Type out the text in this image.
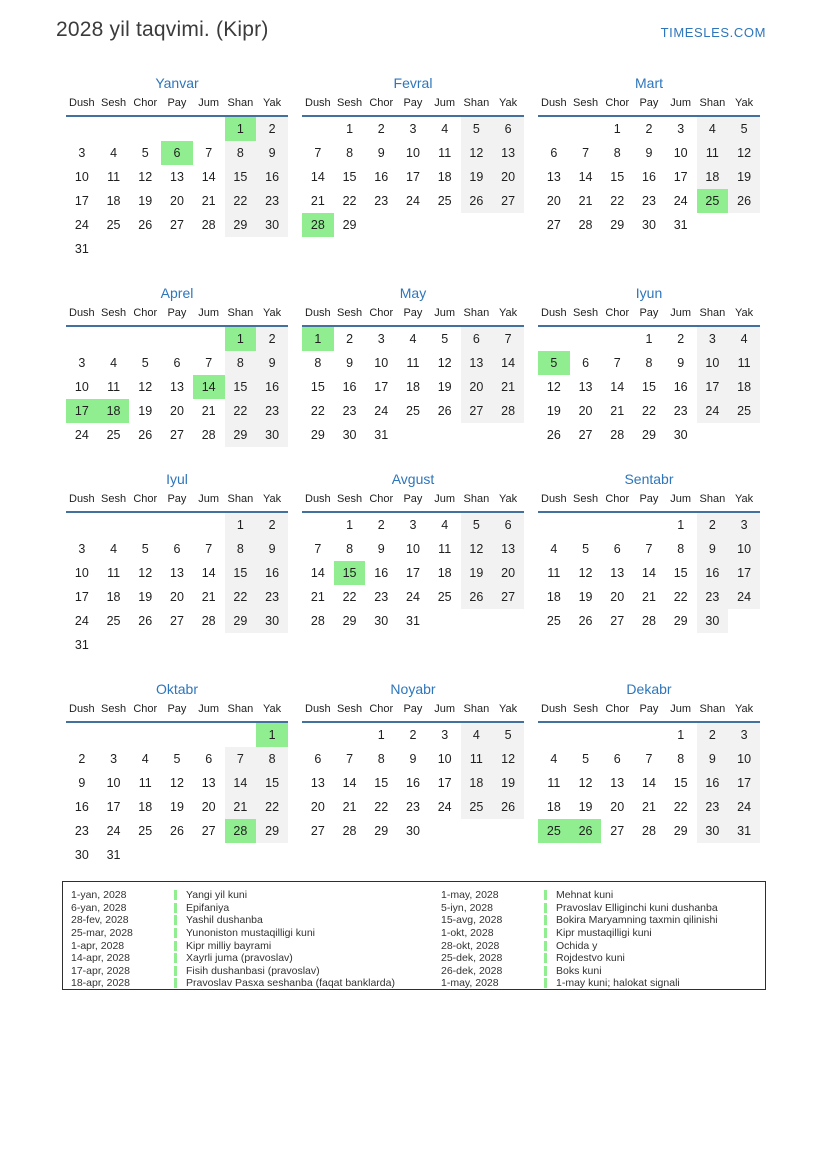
2028 yil taqvimi. (Kipr)	TIMESLES.COM
Yanvar
Dush	Sesh	Chor	Pay	Jum	Shan	Yak
					1	2
3	4	5	6	7	8	9
10	11	12	13	14	15	16
17	18	19	20	21	22	23
24	25	26	27	28	29	30
31						
Fevral
Dush	Sesh	Chor	Pay	Jum	Shan	Yak
	1	2	3	4	5	6
7	8	9	10	11	12	13
14	15	16	17	18	19	20
21	22	23	24	25	26	27
28	29					
Mart
Dush	Sesh	Chor	Pay	Jum	Shan	Yak
		1	2	3	4	5
6	7	8	9	10	11	12
13	14	15	16	17	18	19
20	21	22	23	24	25	26
27	28	29	30	31		
Aprel
Dush	Sesh	Chor	Pay	Jum	Shan	Yak
					1	2
3	4	5	6	7	8	9
10	11	12	13	14	15	16
17	18	19	20	21	22	23
24	25	26	27	28	29	30
May
Dush	Sesh	Chor	Pay	Jum	Shan	Yak
1	2	3	4	5	6	7
8	9	10	11	12	13	14
15	16	17	18	19	20	21
22	23	24	25	26	27	28
29	30	31				
Iyun
Dush	Sesh	Chor	Pay	Jum	Shan	Yak
			1	2	3	4
5	6	7	8	9	10	11
12	13	14	15	16	17	18
19	20	21	22	23	24	25
26	27	28	29	30		
Iyul
Dush	Sesh	Chor	Pay	Jum	Shan	Yak
					1	2
3	4	5	6	7	8	9
10	11	12	13	14	15	16
17	18	19	20	21	22	23
24	25	26	27	28	29	30
31						
Avgust
Dush	Sesh	Chor	Pay	Jum	Shan	Yak
	1	2	3	4	5	6
7	8	9	10	11	12	13
14	15	16	17	18	19	20
21	22	23	24	25	26	27
28	29	30	31			
Sentabr
Dush	Sesh	Chor	Pay	Jum	Shan	Yak
				1	2	3
4	5	6	7	8	9	10
11	12	13	14	15	16	17
18	19	20	21	22	23	24
25	26	27	28	29	30	
Oktabr
Dush	Sesh	Chor	Pay	Jum	Shan	Yak
						1
2	3	4	5	6	7	8
9	10	11	12	13	14	15
16	17	18	19	20	21	22
23	24	25	26	27	28	29
30	31					
Noyabr
Dush	Sesh	Chor	Pay	Jum	Shan	Yak
		1	2	3	4	5
6	7	8	9	10	11	12
13	14	15	16	17	18	19
20	21	22	23	24	25	26
27	28	29	30			
Dekabr
Dush	Sesh	Chor	Pay	Jum	Shan	Yak
				1	2	3
4	5	6	7	8	9	10
11	12	13	14	15	16	17
18	19	20	21	22	23	24
25	26	27	28	29	30	31
1-yan, 2028	Yangi yil kuni
6-yan, 2028	Epifaniya
28-fev, 2028	Yashil dushanba
25-mar, 2028	Yunoniston mustaqilligi kuni
1-apr, 2028	Kipr milliy bayrami
14-apr, 2028	Xayrli juma (pravoslav)
17-apr, 2028	Fisih dushanbasi (pravoslav)
18-apr, 2028	Pravoslav Pasxa seshanba (faqat banklarda)
1-may, 2028	Mehnat kuni
5-iyn, 2028	Pravoslav Elliginchi kuni dushanba
15-avg, 2028	Bokira Maryamning taxmin qilinishi
1-okt, 2028	Kipr mustaqilligi kuni
28-okt, 2028	Ochida y
25-dek, 2028	Rojdestvo kuni
26-dek, 2028	Boks kuni
1-may, 2028	1-may kuni; halokat signali
